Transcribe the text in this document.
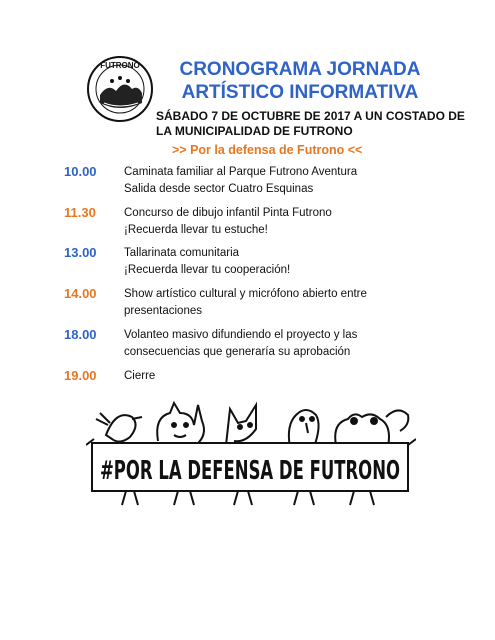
FUTRONO	CRONOGRAMA JORNADA
ARTÍSTICO INFORMATIVA
SÁBADO 7 DE OCTUBRE DE 2017 A UN COSTADO DE
LA MUNICIPALIDAD DE FUTRONO
>> Por la defensa de Futrono <<
10.00	Caminata familiar al Parque Futrono Aventura
Salida desde sector Cuatro Esquinas
11.30	Concurso de dibujo infantil Pinta Futrono
¡Recuerda llevar tu estuche!
13.00	Tallarinata comunitaria
¡Recuerda llevar tu cooperación!
14.00	Show artístico cultural y micrófono abierto entre
presentaciones
18.00	Volanteo masivo difundiendo el proyecto y las
consecuencias que generaría su aprobación
19.00	Cierre
#POR LA DEFENSA DE FUTRONO
